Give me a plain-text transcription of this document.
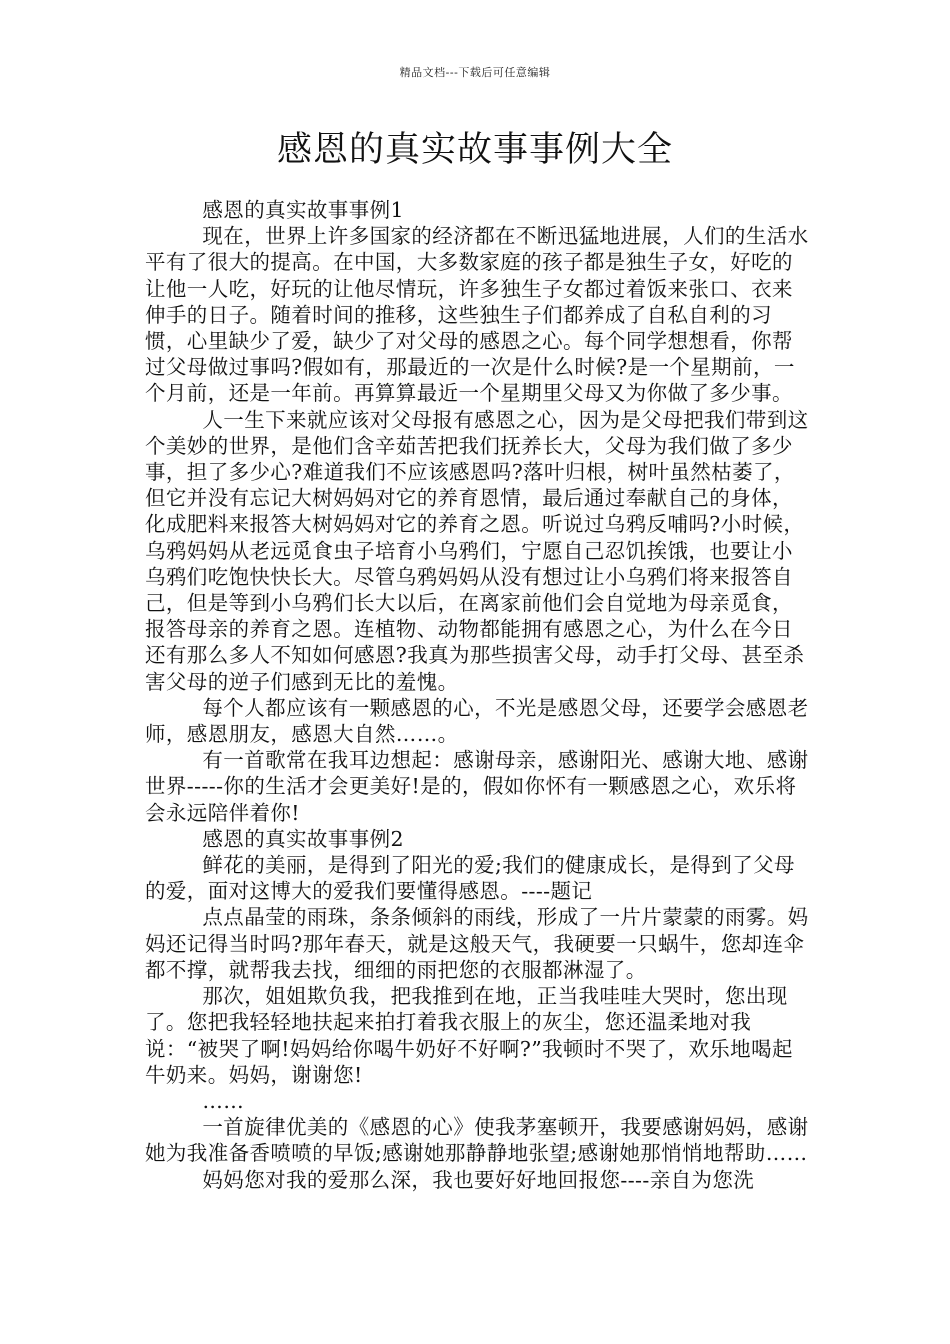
精品文档---下载后可任意编辑
感恩的真实故事事例大全

感恩的真实故事事例1

现在，世界上许多国家的经济都在不断迅猛地进展，人们的生活水平有了很大的提高。在中国，大多数家庭的孩子都是独生子女，好吃的让他一人吃，好玩的让他尽情玩，许多独生子女都过着饭来张口、衣来伸手的日子。随着时间的推移，这些独生子们都养成了自私自利的习惯，心里缺少了爱，缺少了对父母的感恩之心。每个同学想想看，你帮过父母做过事吗?假如有，那最近的一次是什么时候?是一个星期前，一个月前，还是一年前。再算算最近一个星期里父母又为你做了多少事。

人一生下来就应该对父母报有感恩之心，因为是父母把我们带到这个美妙的世界，是他们含辛茹苦把我们抚养长大，父母为我们做了多少事，担了多少心?难道我们不应该感恩吗?落叶归根，树叶虽然枯萎了，但它并没有忘记大树妈妈对它的养育恩情，最后通过奉献自己的身体，化成肥料来报答大树妈妈对它的养育之恩。听说过乌鸦反哺吗?小时候，乌鸦妈妈从老远觅食虫子培育小乌鸦们，宁愿自己忍饥挨饿，也要让小乌鸦们吃饱快快长大。尽管乌鸦妈妈从没有想过让小乌鸦们将来报答自己，但是等到小乌鸦们长大以后，在离家前他们会自觉地为母亲觅食，报答母亲的养育之恩。连植物、动物都能拥有感恩之心，为什么在今日还有那么多人不知如何感恩?我真为那些损害父母，动手打父母、甚至杀害父母的逆子们感到无比的羞愧。

每个人都应该有一颗感恩的心，不光是感恩父母，还要学会感恩老师，感恩朋友，感恩大自然……。

有一首歌常在我耳边想起：感谢母亲，感谢阳光、感谢大地、感谢世界-----你的生活才会更美好!是的，假如你怀有一颗感恩之心，欢乐将会永远陪伴着你!

感恩的真实故事事例2

鲜花的美丽，是得到了阳光的爱;我们的健康成长，是得到了父母的爱，面对这博大的爱我们要懂得感恩。----题记

点点晶莹的雨珠，条条倾斜的雨线，形成了一片片蒙蒙的雨雾。妈妈还记得当时吗?那年春天，就是这般天气，我硬要一只蜗牛，您却连伞都不撑，就帮我去找，细细的雨把您的衣服都淋湿了。

那次，姐姐欺负我，把我推到在地，正当我哇哇大哭时，您出现了。您把我轻轻地扶起来拍打着我衣服上的灰尘，您还温柔地对我说：“被哭了啊!妈妈给你喝牛奶好不好啊?”我顿时不哭了，欢乐地喝起牛奶来。妈妈，谢谢您!

……

一首旋律优美的《感恩的心》使我茅塞顿开，我要感谢妈妈，感谢她为我准备香喷喷的早饭;感谢她那静静地张望;感谢她那悄悄地帮助……

妈妈您对我的爱那么深，我也要好好地回报您----亲自为您洗
